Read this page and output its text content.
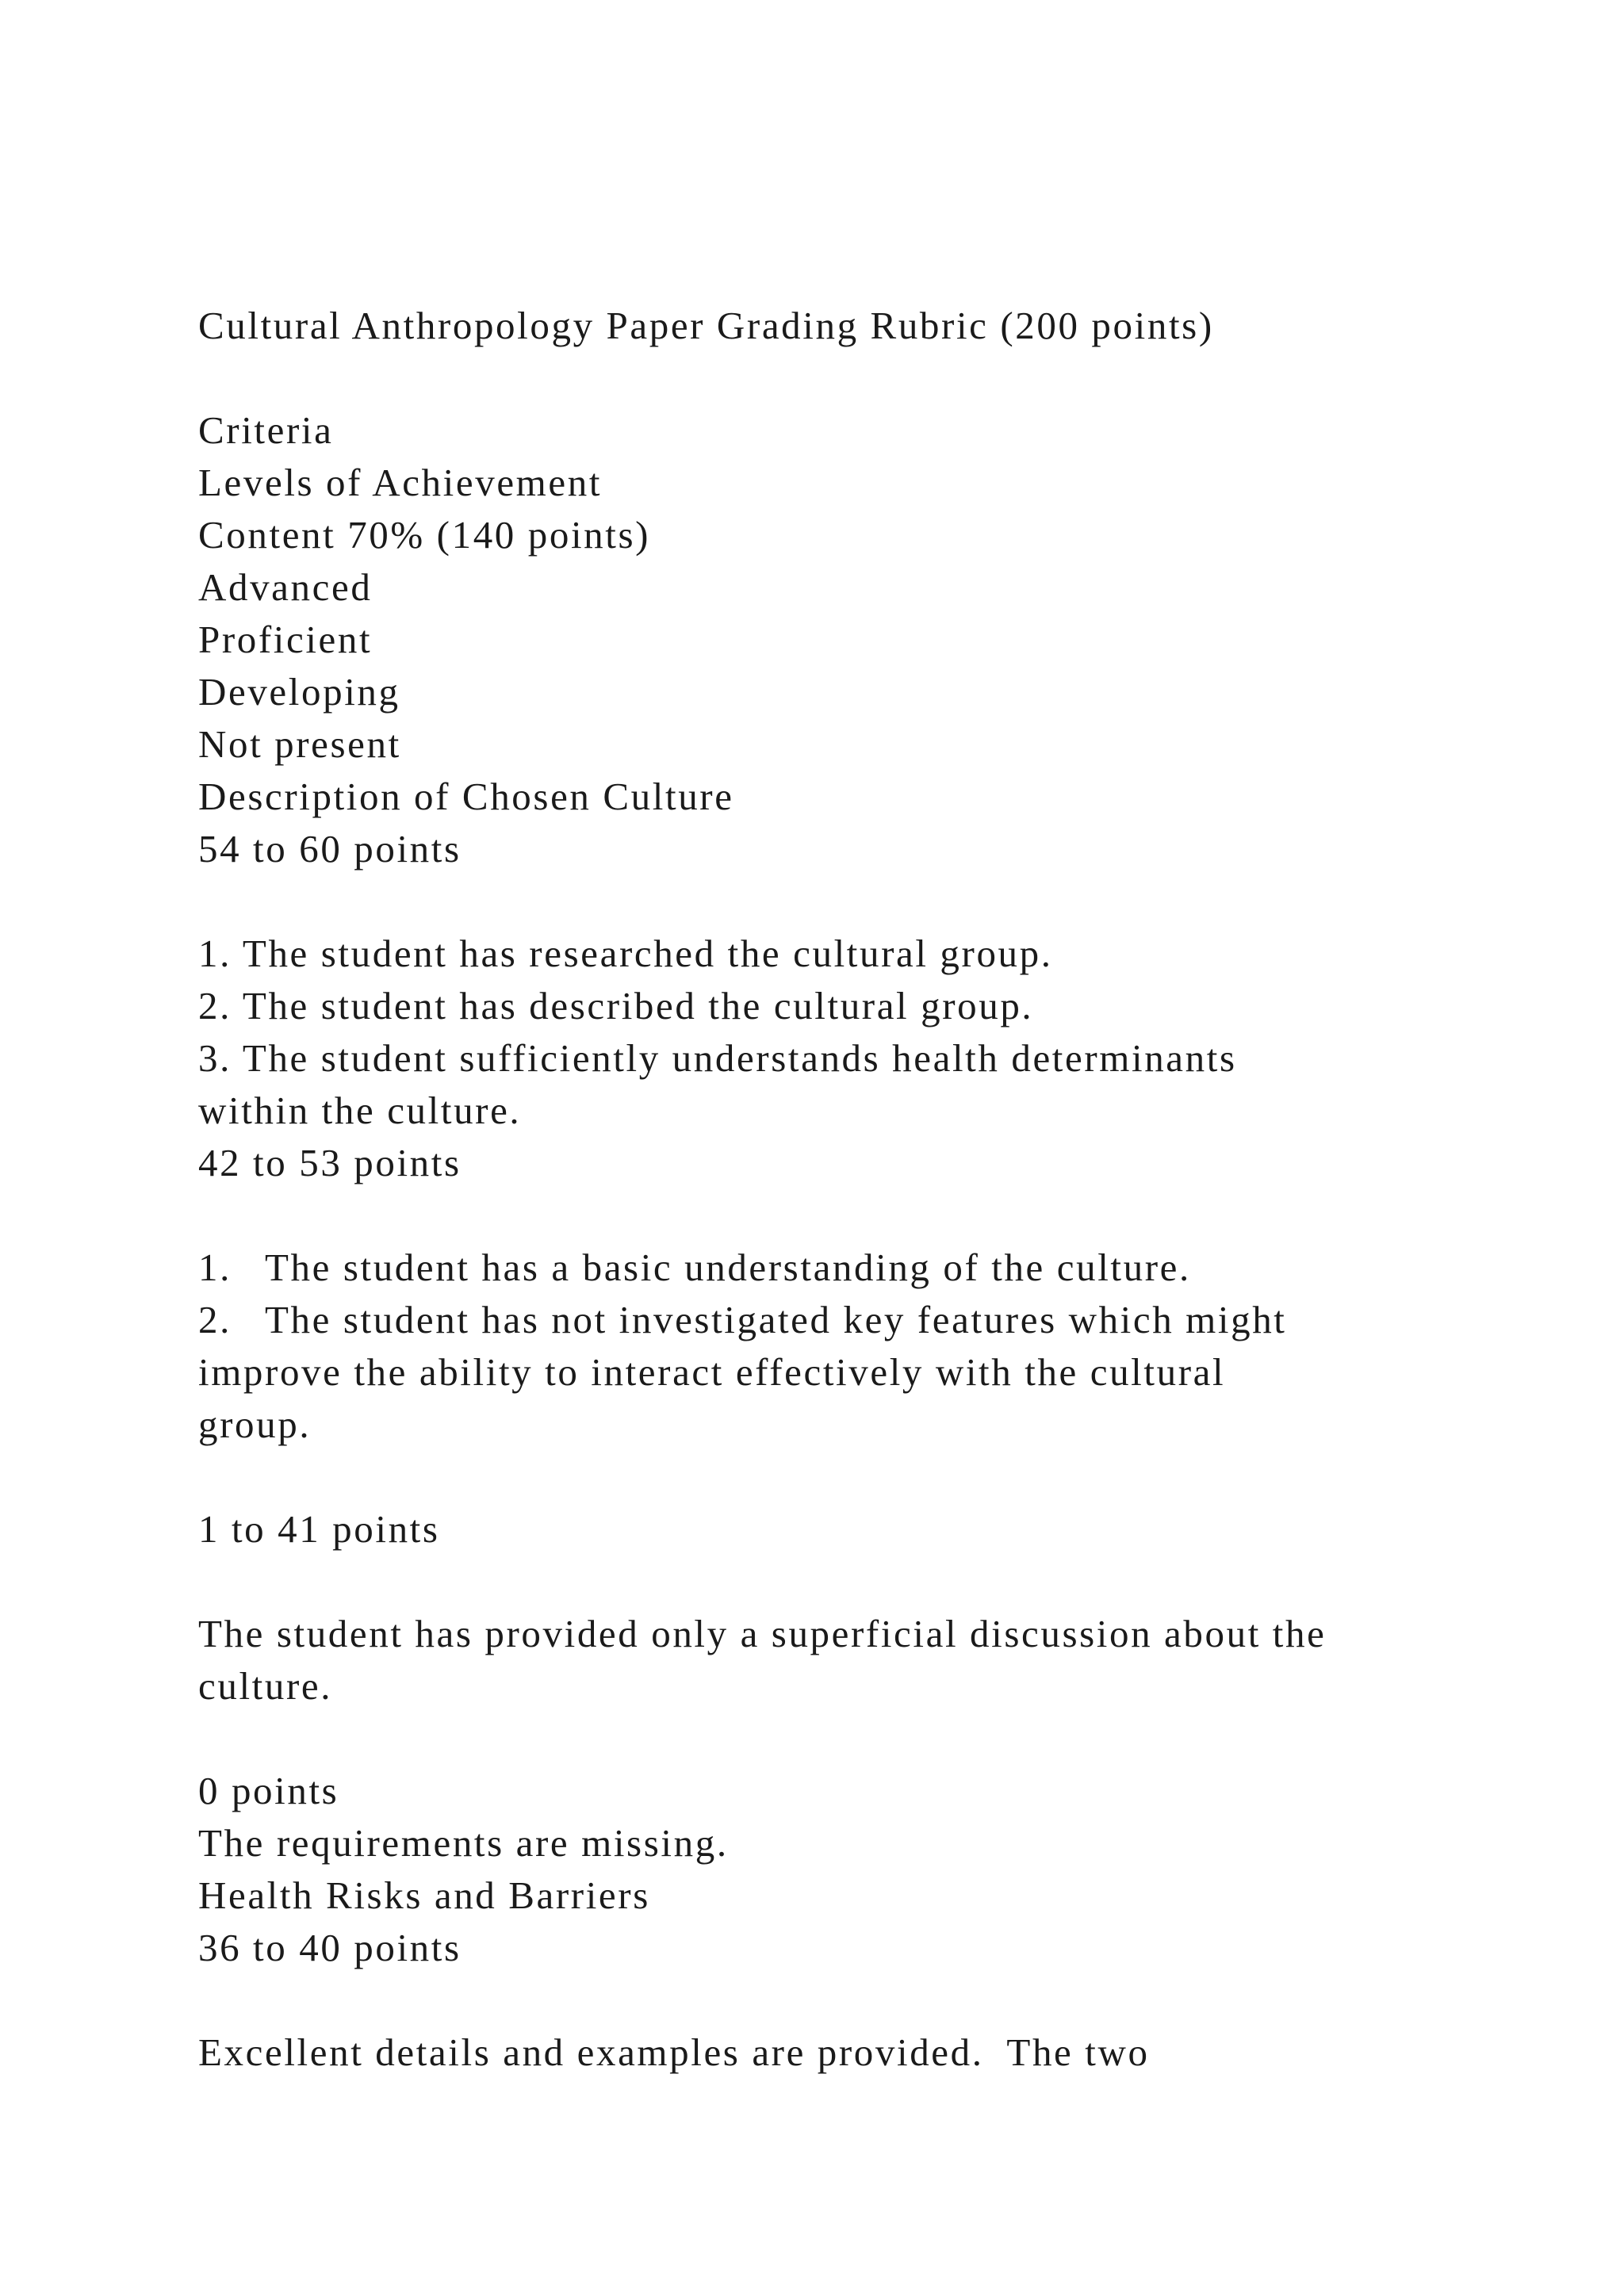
Cultural Anthropology Paper Grading Rubric (200 points)
Criteria
Levels of Achievement
Content 70% (140 points)
Advanced
Proficient
Developing
Not present
Description of Chosen Culture
54 to 60 points
1. The student has researched the cultural group.
2. The student has described the cultural group.
3. The student sufficiently understands health determinants
within the culture.
42 to 53 points
1. The student has a basic understanding of the culture.
2. The student has not investigated key features which might
improve the ability to interact effectively with the cultural
group.
1 to 41 points
The student has provided only a superficial discussion about the
culture.
0 points
The requirements are missing.
Health Risks and Barriers
36 to 40 points
Excellent details and examples are provided.  The two
